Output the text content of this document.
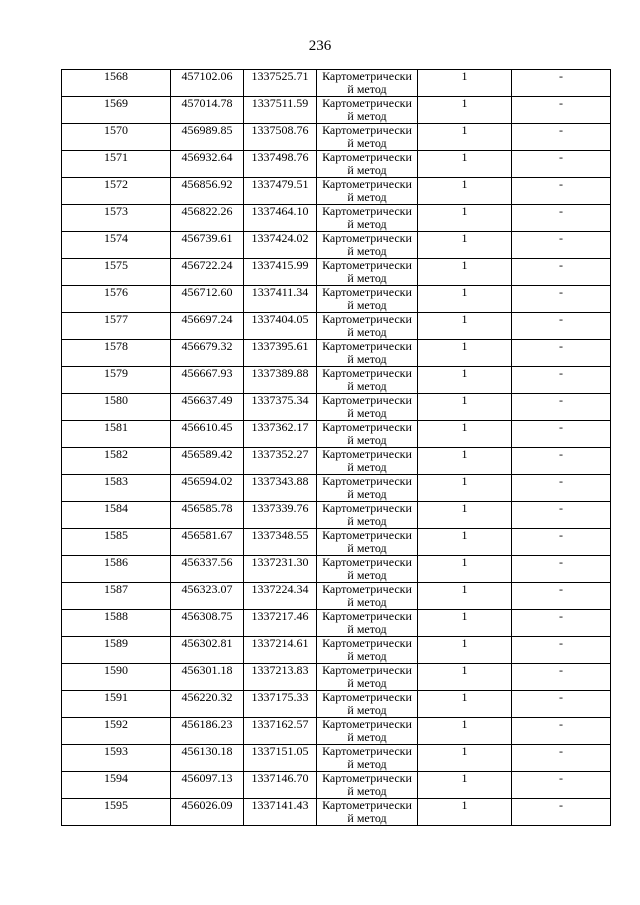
236
1568	457102.06	1337525.71	Картометрически
й метод	1	-
1569	457014.78	1337511.59	Картометрически
й метод	1	-
1570	456989.85	1337508.76	Картометрически
й метод	1	-
1571	456932.64	1337498.76	Картометрически
й метод	1	-
1572	456856.92	1337479.51	Картометрически
й метод	1	-
1573	456822.26	1337464.10	Картометрически
й метод	1	-
1574	456739.61	1337424.02	Картометрически
й метод	1	-
1575	456722.24	1337415.99	Картометрически
й метод	1	-
1576	456712.60	1337411.34	Картометрически
й метод	1	-
1577	456697.24	1337404.05	Картометрически
й метод	1	-
1578	456679.32	1337395.61	Картометрически
й метод	1	-
1579	456667.93	1337389.88	Картометрически
й метод	1	-
1580	456637.49	1337375.34	Картометрически
й метод	1	-
1581	456610.45	1337362.17	Картометрически
й метод	1	-
1582	456589.42	1337352.27	Картометрически
й метод	1	-
1583	456594.02	1337343.88	Картометрически
й метод	1	-
1584	456585.78	1337339.76	Картометрически
й метод	1	-
1585	456581.67	1337348.55	Картометрически
й метод	1	-
1586	456337.56	1337231.30	Картометрически
й метод	1	-
1587	456323.07	1337224.34	Картометрически
й метод	1	-
1588	456308.75	1337217.46	Картометрически
й метод	1	-
1589	456302.81	1337214.61	Картометрически
й метод	1	-
1590	456301.18	1337213.83	Картометрически
й метод	1	-
1591	456220.32	1337175.33	Картометрически
й метод	1	-
1592	456186.23	1337162.57	Картометрически
й метод	1	-
1593	456130.18	1337151.05	Картометрически
й метод	1	-
1594	456097.13	1337146.70	Картометрически
й метод	1	-
1595	456026.09	1337141.43	Картометрически
й метод	1	-
